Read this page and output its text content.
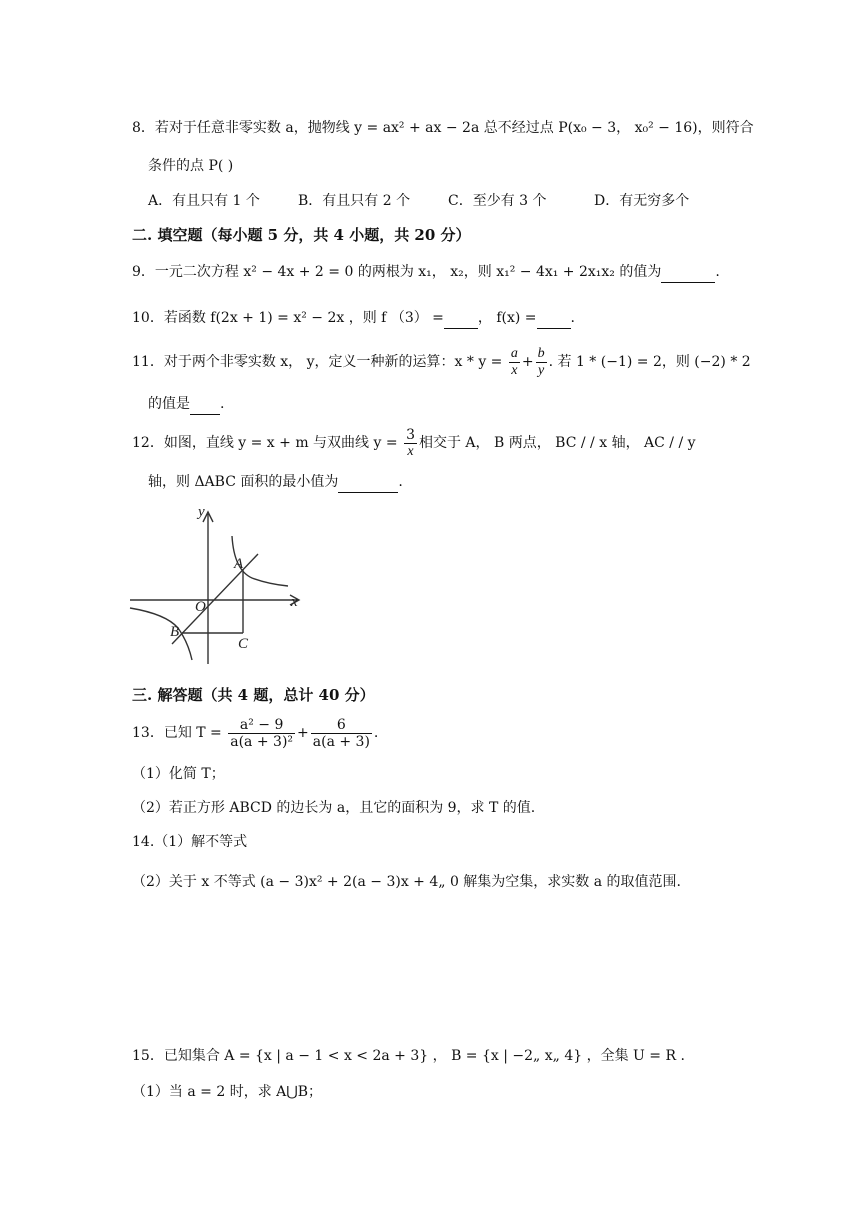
8．若对于任意非零实数 a，抛物线 y = ax² + ax − 2a 总不经过点 P(x₀ − 3， x₀² − 16)，则符合
条件的点 P( )
A．有且只有 1 个	B．有且只有 2 个	C．至少有 3 个	D．有无穷多个
二. 填空题（每小题 5 分，共 4 小题，共 20 分）
9．一元二次方程 x² − 4x + 2 = 0 的两根为 x₁， x₂，则 x₁² − 4x₁ + 2x₁x₂ 的值为	.
10．若函数 f(2x + 1) = x² − 2x ，则 f （3） = ， f(x) = .
11．对于两个非零实数 x， y，定义一种新的运算：$x * y = \frac{a}{x} + \frac{b}{y}$ . 若 1 * (−1) = 2，则 (−2) * 2
的值是 .
12．如图，直线 y = x + m 与双曲线 $y = \frac{3}{x}$ 相交于 A， B 两点， BC / / x 轴， AC / / y
轴，则 ΔABC 面积的最小值为	.
y
x
O
A
B
C
三. 解答题（共 4 题，总计 40 分）
13．已知 $T = \frac{\text{a² − 9}}{\text{a(a + 3)²}} + \frac{6}{a(a + 3)}$ .
（1）化简 T；
（2）若正方形 ABCD 的边长为 a，且它的面积为 9，求 T 的值.
14.（1）解不等式
（2）关于 x 不等式 (a − 3)x² + 2(a − 3)x + 4„ 0 解集为空集，求实数 a 的取值范围.
15．已知集合 A = {x | a − 1 < x < 2a + 3} ， B = {x | −2„ x„ 4} ，全集 U = R .
（1）当 a = 2 时，求 A⋃B；
